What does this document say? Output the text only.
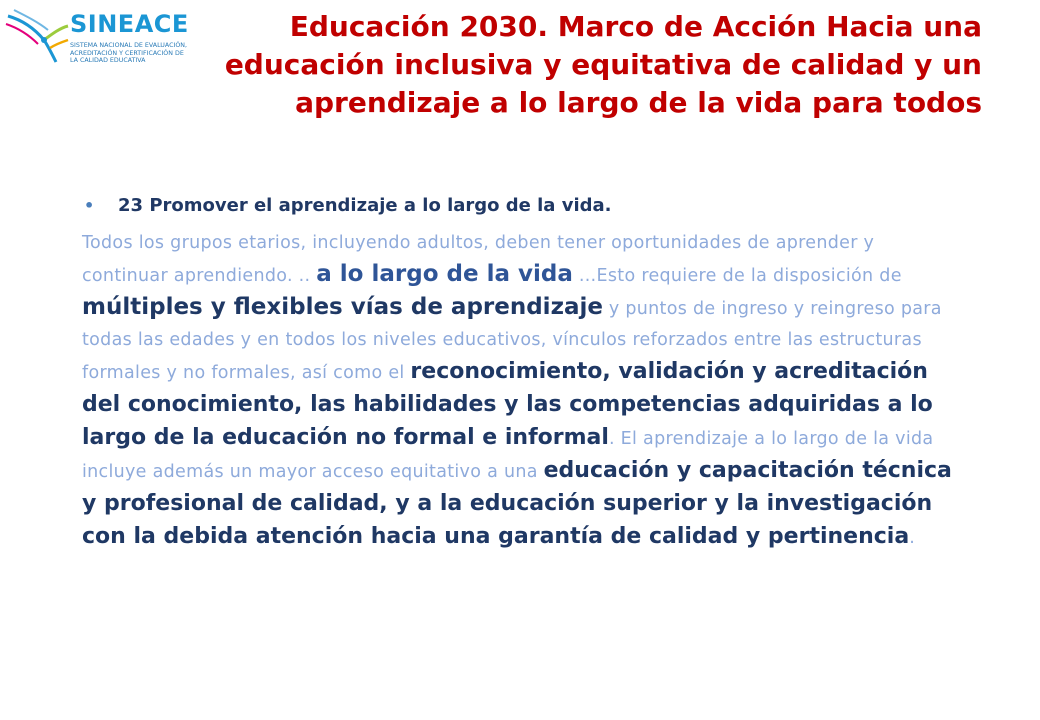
SINEACE
SISTEMA NACIONAL DE EVALUACIÓN, ACREDITACIÓN Y CERTIFICACIÓN DE LA CALIDAD EDUCATIVA
Educación 2030. Marco de Acción Hacia una educación inclusiva y equitativa de calidad y un aprendizaje a lo largo de la vida para todos
• 23 Promover el aprendizaje a lo largo de la vida.
Todos los grupos etarios, incluyendo adultos, deben tener oportunidades de aprender y continuar aprendiendo. .. a lo largo de la vida …Esto requiere de la disposición de múltiples y flexibles vías de aprendizaje y puntos de ingreso y reingreso para todas las edades y en todos los niveles educativos, vínculos reforzados entre las estructuras formales y no formales, así como el reconocimiento, validación y acreditación del conocimiento, las habilidades y las competencias adquiridas a lo largo de la educación no formal e informal. El aprendizaje a lo largo de la vida incluye además un mayor acceso equitativo a una educación y capacitación técnica y profesional de calidad, y a la educación superior y la investigación con la debida atención hacia una garantía de calidad y pertinencia.
